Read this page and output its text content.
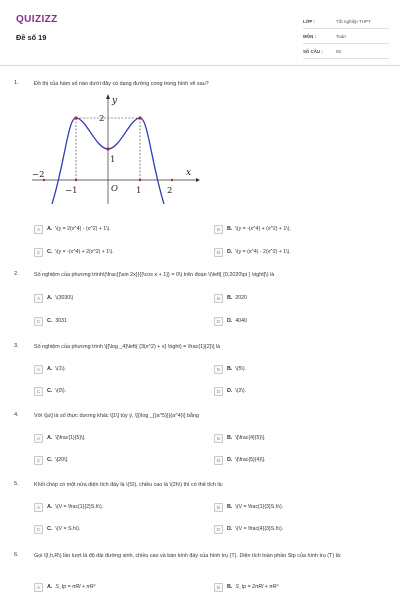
QUIZIZZ
Đề số 19
LỚP :	Tốt nghiệp THPT
MÔN :	Toán
SỐ CÂU :	50
1.	Đồ thị của hàm số nào dưới đây có dạng đường cong trong hình vẽ sau?
y
x
O
2
1
−2
−1	1	2
A	A. \(y = 2(x^4) - (x^2) + 1\).	B	B. \(y = -(x^4) + (x^2) + 1\).
C	C. \(y = -(x^4) + 2(x^2) + 1\).	D	D. \(y = (x^4) - 2(x^2) + 1\).
2.	Số nghiệm của phương trình\(\frac{{\sin 2x}}{{\cos x + 1}} = 0\) trên đoạn \(\left[ {0;2020\pi } \right]\) là
A	A. \(3030\)	B	B. 2020
C	C. 3031	D	D. 4040
3.	Số nghiệm của phương trình \[{\log _4}\left( {3(x^2) + x} \right) = \frac{1}{2}\] là
A	A. \(1\).	B	B. \(5\).
C	C. \(0\).	D	D. \(2\).
4.	Với \[a\] là số thực dương khác \[1\] tùy ý, \[{\log _{(a^5)}}(a^4)\] bằng
A	A. \[\frac{1}{5}\].	B	B. \[\frac{4}{5}\].
C	C. \[20\].	D	D. \[\frac{5}{4}\].
5.	Khối chóp có một nửa diện tích đáy là \(S\), chiều cao là \(2h\) thì có thể tích là:
A	A. \(V = \frac{1}{2}S.h\).	B	B. \(V = \frac{1}{3}S.h\).
C	C. \(V = S.h\).	D	D. \(V = \frac{4}{3}S.h\).
6.	Gọi \(l,h,R\) lần lượt là độ dài đường sinh, chiều cao và bán kính đáy của hình trụ (T). Diện tích toàn phần Stp của hình trụ (T) là:
A	A. S_tp = πRl + πR²	B	B. S_tp = 2πRl + πR²
